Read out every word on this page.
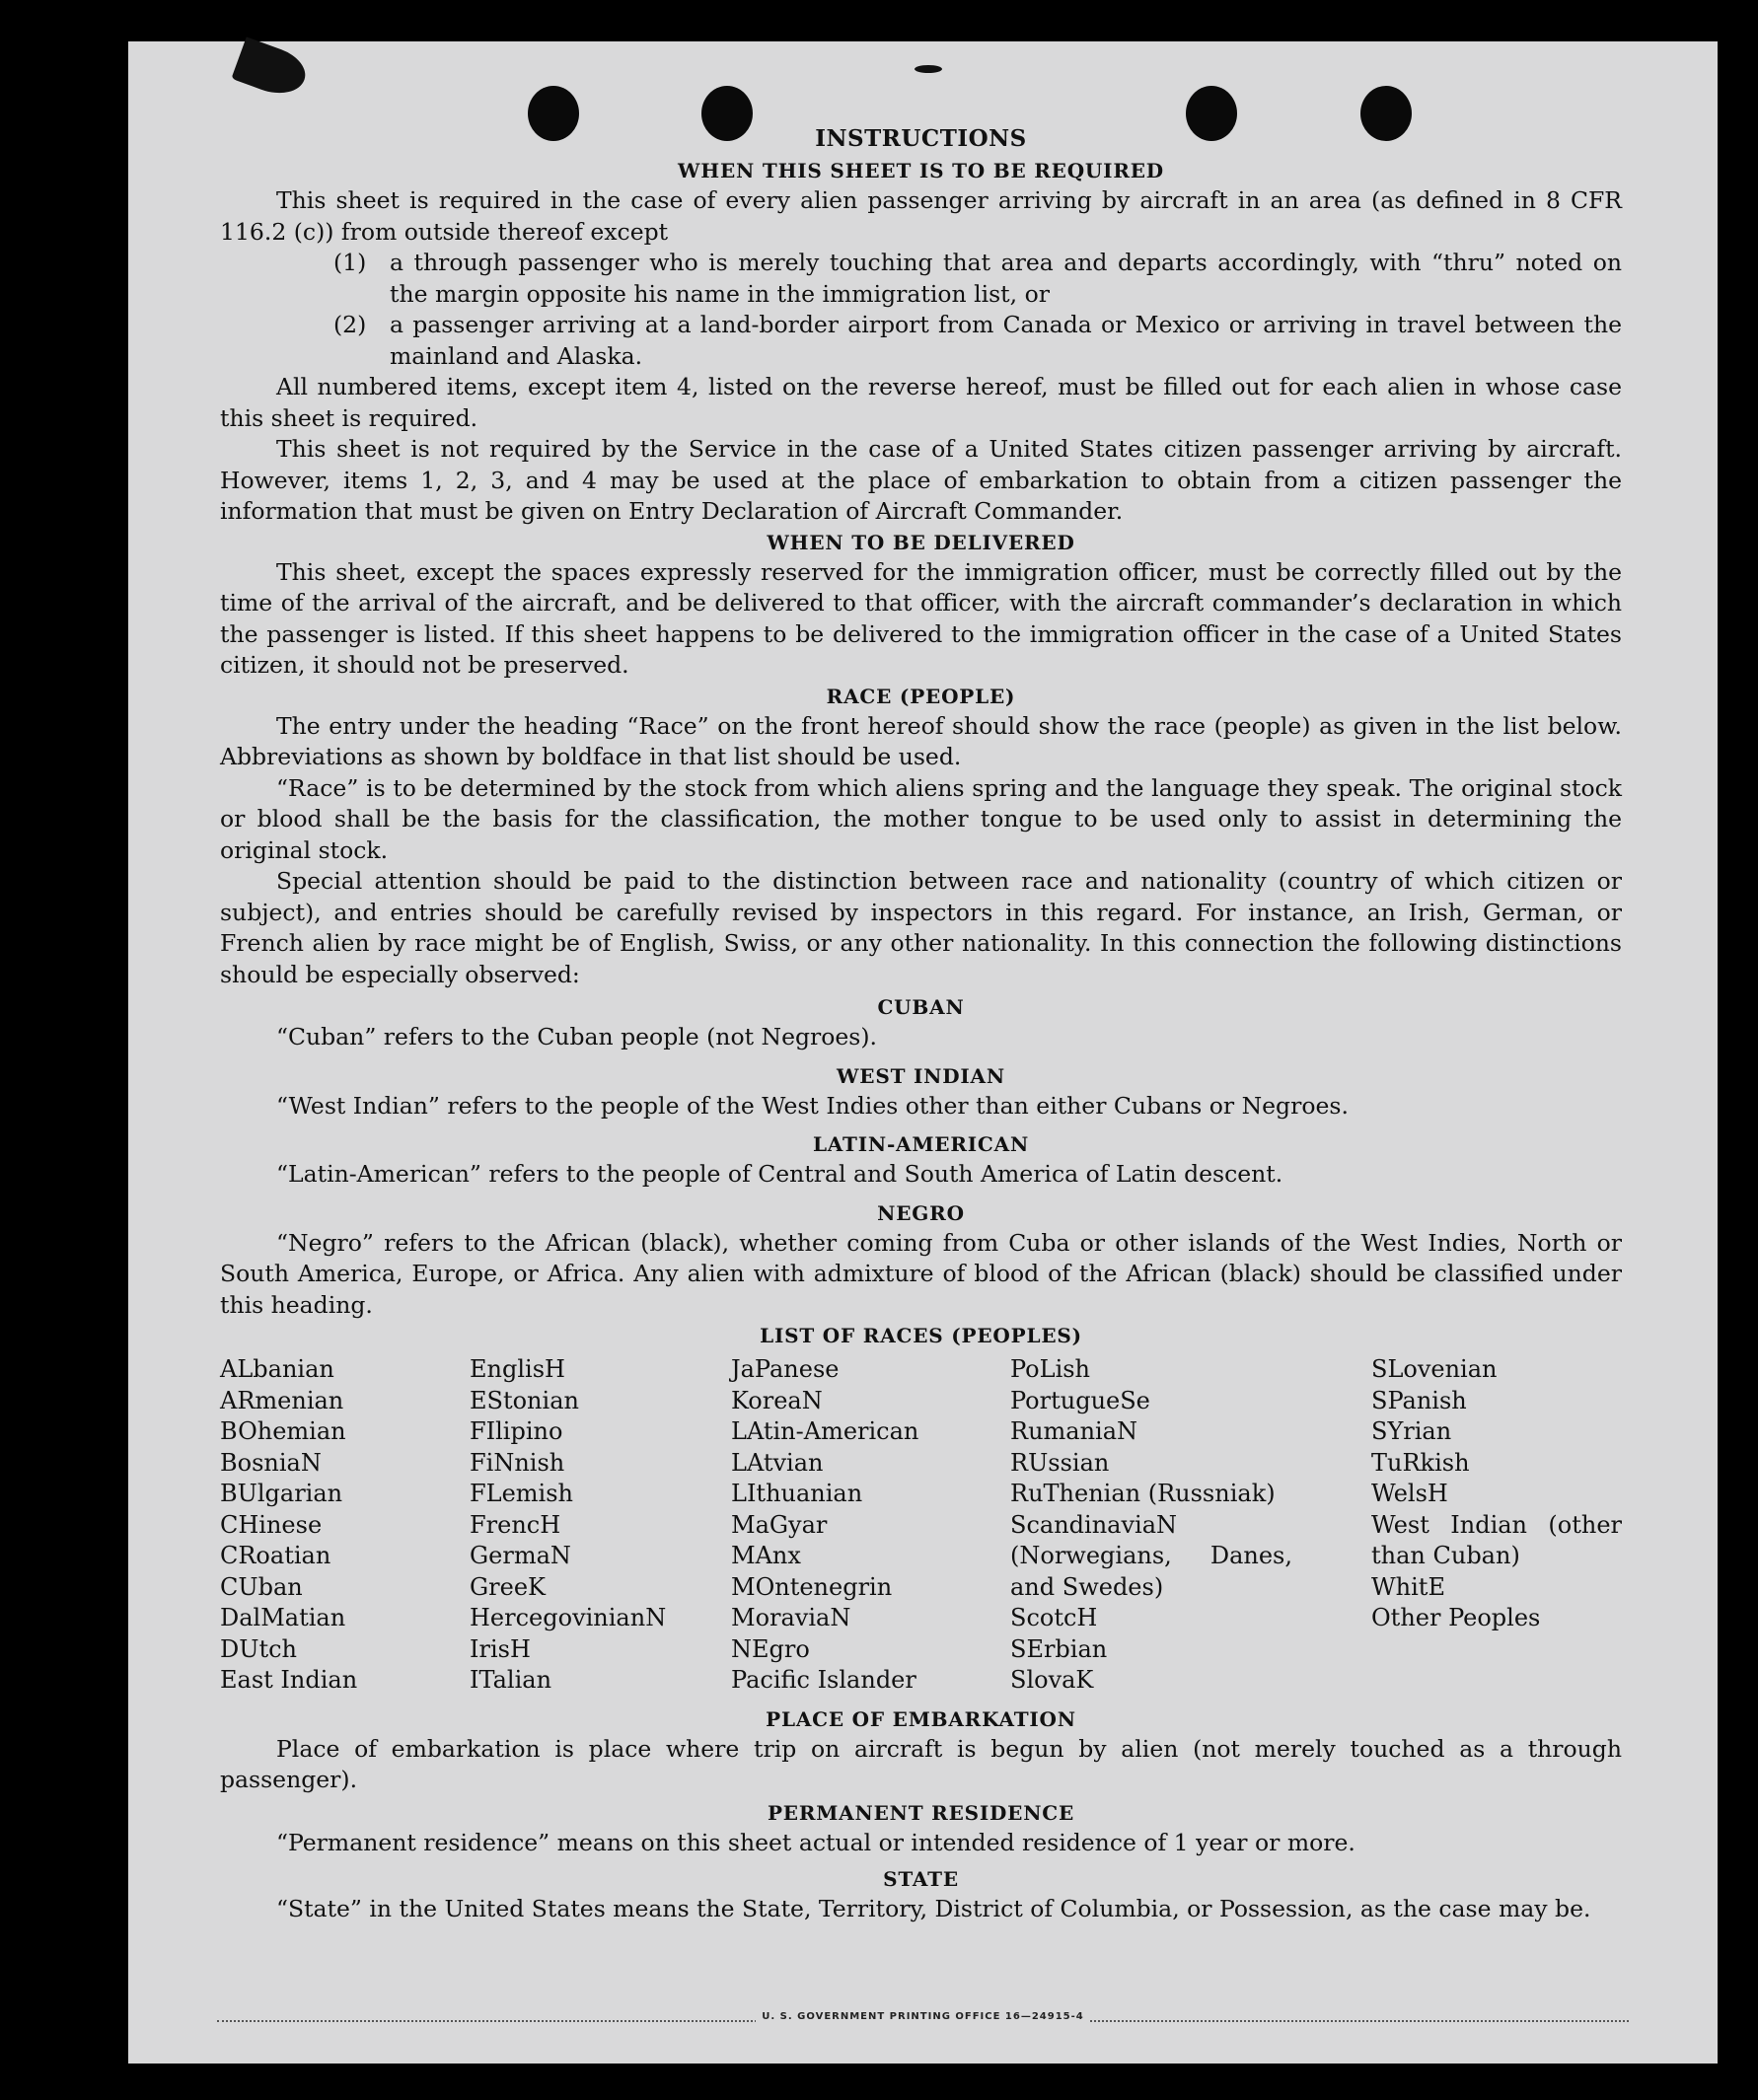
INSTRUCTIONS
WHEN THIS SHEET IS TO BE REQUIRED

This sheet is required in the case of every alien passenger arriving by aircraft in an area (as defined in 8 CFR 116.2 (c)) from outside thereof except

(1)	a through passenger who is merely touching that area and departs accordingly, with “thru” noted on the margin opposite his name in the immigration list, or
(2)	a passenger arriving at a land-border airport from Canada or Mexico or arriving in travel between the mainland and Alaska.

All numbered items, except item 4, listed on the reverse hereof, must be filled out for each alien in whose case this sheet is required.

This sheet is not required by the Service in the case of a United States citizen passenger arriving by aircraft. However, items 1, 2, 3, and 4 may be used at the place of embarkation to obtain from a citizen passenger the information that must be given on Entry Declaration of Aircraft Commander.

WHEN TO BE DELIVERED

This sheet, except the spaces expressly reserved for the immigration officer, must be correctly filled out by the time of the arrival of the aircraft, and be delivered to that officer, with the aircraft commander’s declaration in which the passenger is listed. If this sheet happens to be delivered to the immigration officer in the case of a United States citizen, it should not be preserved.

RACE (PEOPLE)

The entry under the heading “Race” on the front hereof should show the race (people) as given in the list below. Abbreviations as shown by boldface in that list should be used.

“Race” is to be determined by the stock from which aliens spring and the language they speak. The original stock or blood shall be the basis for the classification, the mother tongue to be used only to assist in determining the original stock.

Special attention should be paid to the distinction between race and nationality (country of which citizen or subject), and entries should be carefully revised by inspectors in this regard. For instance, an Irish, German, or French alien by race might be of English, Swiss, or any other nationality. In this connection the following distinctions should be especially observed:

CUBAN

“Cuban” refers to the Cuban people (not Negroes).

WEST INDIAN

“West Indian” refers to the people of the West Indies other than either Cubans or Negroes.

LATIN-AMERICAN

“Latin-American” refers to the people of Central and South America of Latin descent.

NEGRO

“Negro” refers to the African (black), whether coming from Cuba or other islands of the West Indies, North or South America, Europe, or Africa. Any alien with admixture of blood of the African (black) should be classified under this heading.

LIST OF RACES (PEOPLES)
ALbanian
ARmenian
BOhemian
BosniaN
BUlgarian
CHinese
CRoatian
CUban
DalMatian
DUtch
East Indian
EnglisH
EStonian
FIlipino
FiNnish
FLemish
FrencH
GermaN
GreeK
HercegovinianN
IrisH
ITalian
JaPanese
KoreaN
LAtin-American
LAtvian
LIthuanian
MaGyar
MAnx
MOntenegrin
MoraviaN
NEgro
Pacific Islander
PoLish
PortugueSe
RumaniaN
RUssian
RuThenian (Russniak)
ScandinaviaN (Norwegians, Danes, and Swedes)
ScotcH
SErbian
SlovaK
SLovenian
SPanish
SYrian
TuRkish
WelsH
West Indian (other than Cuban)
WhitE
Other Peoples
PLACE OF EMBARKATION

Place of embarkation is place where trip on aircraft is begun by alien (not merely touched as a through passenger).

PERMANENT RESIDENCE

“Permanent residence” means on this sheet actual or intended residence of 1 year or more.

STATE

“State” in the United States means the State, Territory, District of Columbia, or Possession, as the case may be.

U. S. GOVERNMENT PRINTING OFFICE 16—24915-4
